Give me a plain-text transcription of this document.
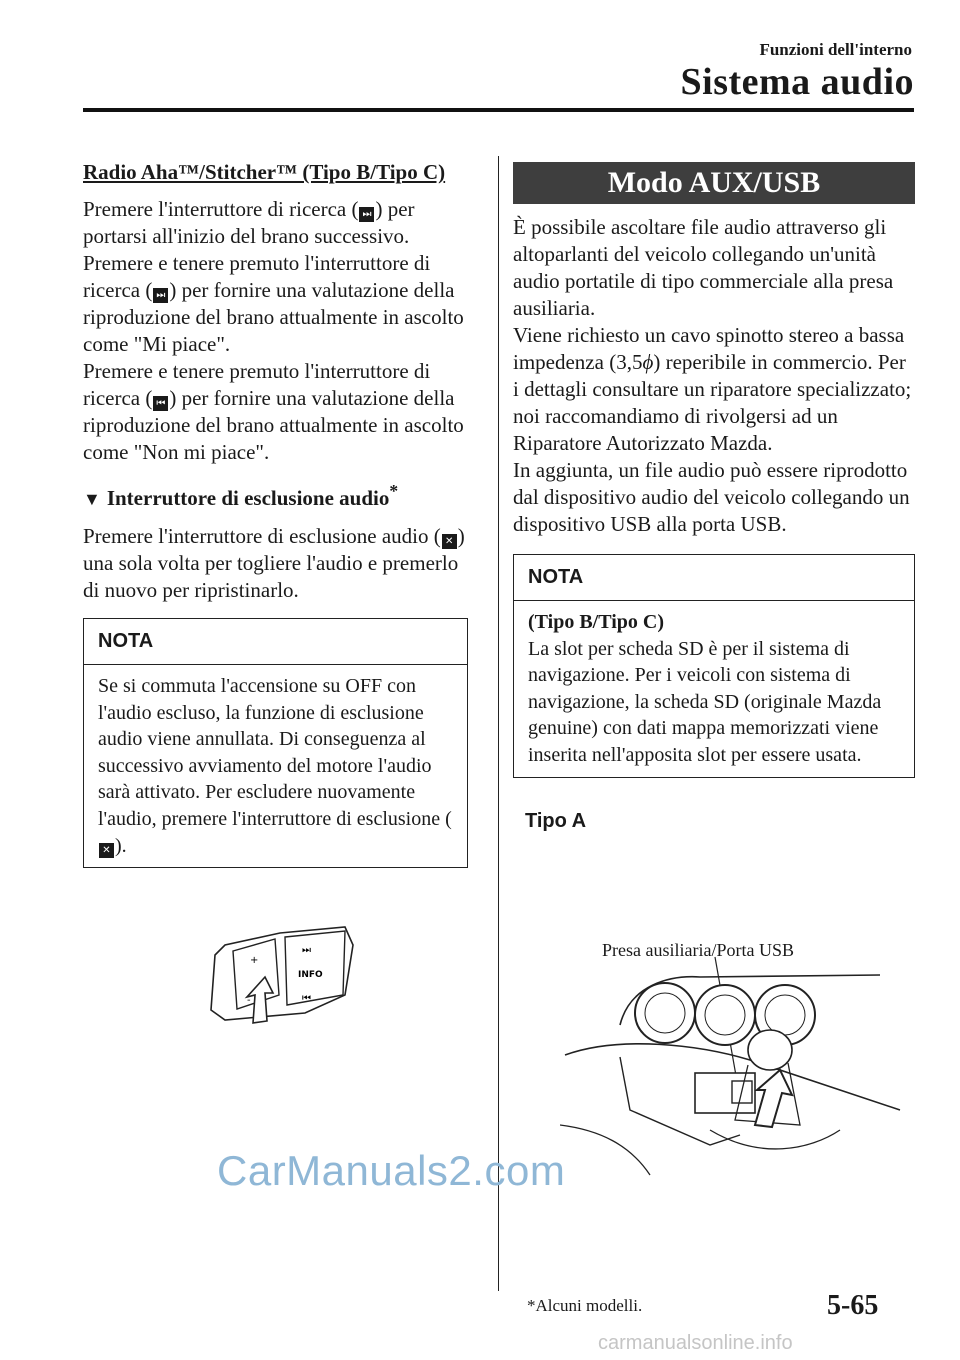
Funzioni dell'interno
Sistema audio

Radio Aha™/Stitcher™ (Tipo B/Tipo C)

Premere l'interruttore di ricerca ( ⏭ ) per portarsi all'inizio del brano successivo.
Premere e tenere premuto l'interruttore di ricerca ( ⏭ ) per fornire una valutazione della riproduzione del brano attualmente in ascolto come "Mi piace".
Premere e tenere premuto l'interruttore di ricerca ( ⏮ ) per fornire una valutazione della riproduzione del brano attualmente in ascolto come "Non mi piace".

▼ Interruttore di esclusione audio*

Premere l'interruttore di esclusione audio ( ✕ ) una sola volta per togliere l'audio e premerlo di nuovo per ripristinarlo.

NOTA
Se si commuta l'accensione su OFF con l'audio escluso, la funzione di esclusione audio viene annullata. Di conseguenza al successivo avviamento del motore l'audio sarà attivato. Per escludere nuovamente l'audio, premere l'interruttore di esclusione (✕ ).
+
-
⏭
INFO
⏮
Modo AUX/USB

È possibile ascoltare file audio attraverso gli altoparlanti del veicolo collegando un'unità audio portatile di tipo commerciale alla presa ausiliaria.
Viene richiesto un cavo spinotto stereo a bassa impedenza (3,5ϕ) reperibile in commercio. Per i dettagli consultare un riparatore specializzato; noi raccomandiamo di rivolgersi ad un Riparatore Autorizzato Mazda.
In aggiunta, un file audio può essere riprodotto dal dispositivo audio del veicolo collegando un dispositivo USB alla porta USB.

NOTA
(Tipo B/Tipo C)
La slot per scheda SD è per il sistema di navigazione. Per i veicoli con sistema di navigazione, la scheda SD (originale Mazda genuine) con dati mappa memorizzati viene inserita nell'apposita slot per essere usata.

Tipo A

Presa ausiliaria/Porta USB
CarManuals2.com
*Alcuni modelli.	5-65
carmanualsonline.info
